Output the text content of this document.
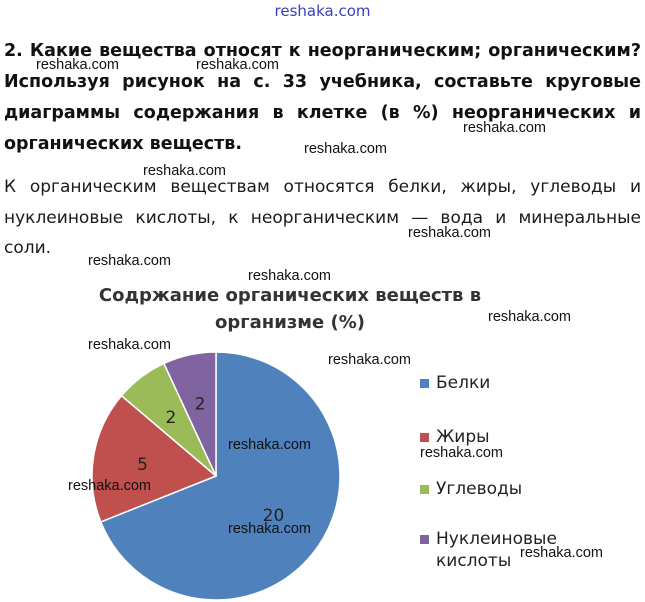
reshaka.com

2. Какие вещества относят к неорганическим; органическим? Используя рисунок на с. 33 учебника, составьте круговые диаграммы содержания в клетке (в %) неорганических и органических веществ.

К органическим веществам относятся белки, жиры, углеводы и нуклеиновые кислоты, к неорганическим — вода и минеральные соли.

Содржание органических веществ в
организме (%)
20
5
2
2
Белки
Жиры
Углеводы
Нуклеиновые
кислоты
reshaka.com	reshaka.com
reshaka.com
reshaka.com
reshaka.com
reshaka.com
reshaka.com
reshaka.com
reshaka.com
reshaka.com
reshaka.com
reshaka.com	reshaka.com
reshaka.com
reshaka.com
reshaka.com
